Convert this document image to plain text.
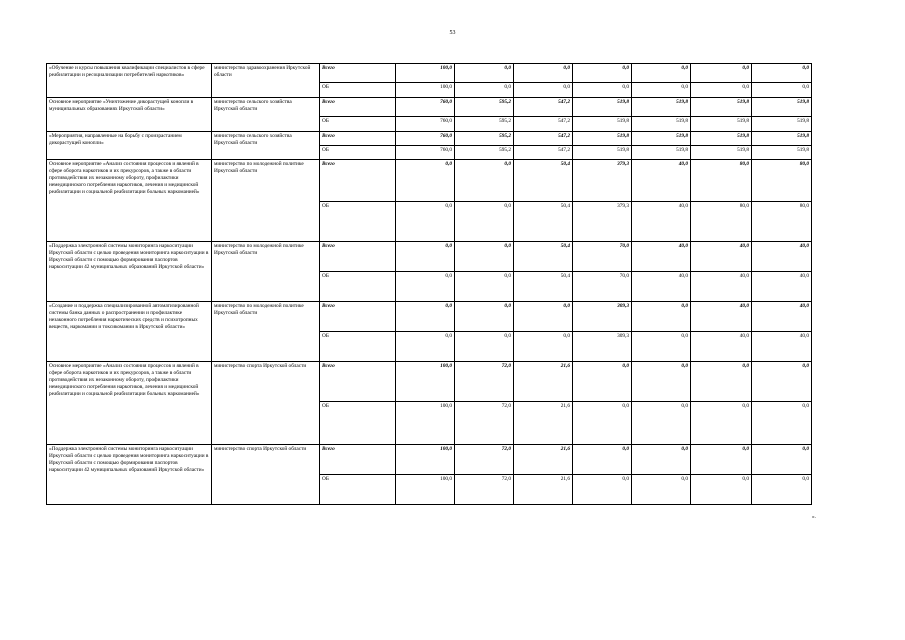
53
«Обучение и курсы повышения квалификации специалистов в сфере реабилитации и ресоциализации потребителей наркотиков»	министерство здравоохранения Иркутской области	Всего	100,0	0,0	0,0	0,0	0,0	0,0	0,0
		ОБ	100,0	0,0	0,0	0,0	0,0	0,0	0,0
Основное мероприятие «Уничтожение дикорастущей конопли в муниципальных образованиях Иркутской области»	министерство сельского хозяйства Иркутской области	Всего	760,0	595,2	547,2	519,8	519,8	519,8	519,8
		ОБ	760,0	595,2	547,2	519,8	519,8	519,8	519,8
«Мероприятия, направленные на борьбу с произрастанием дикорастущей конопли»	министерство сельского хозяйства Иркутской области	Всего	760,0	595,2	547,2	519,8	519,8	519,8	519,8
		ОБ	760,0	595,2	547,2	519,8	519,8	519,8	519,8
Основное мероприятие «Анализ состояния процессов и явлений в сфере оборота наркотиков и их прекурсоров, а также в области противодействия их незаконному обороту, профилактики немедицинского потребления наркотиков, лечения и медицинской реабилитации и социальной реабилитации больных наркоманией»	министерство по молодежной политике Иркутской области	Всего	0,0	0,0	50,4	379,3	40,0	80,0	80,0
		ОБ	0,0	0,0	50,4	379,3	40,0	80,0	80,0
«Поддержка электронной системы мониторинга наркоситуации Иркутской области с целью проведения мониторинга наркоситуации в Иркутской области с помощью формирования паспортов наркоситуации 42 муниципальных образований Иркутской области»	министерство по молодежной политике Иркутской области	Всего	0,0	0,0	50,4	70,0	40,0	40,0	40,0
		ОБ	0,0	0,0	50,4	70,0	40,0	40,0	40,0
«Создание и поддержка специализированной автоматизированной системы банка данных о распространении и профилактике незаконного потребления наркотических средств и психотропных веществ, наркомании и токсикомании в Иркутской области»	министерство по молодежной политике Иркутской области	Всего	0,0	0,0	0,0	309,3	0,0	40,0	40,0
		ОБ	0,0	0,0	0,0	309,3	0,0	40,0	40,0
Основное мероприятие «Анализ состояния процессов и явлений в сфере оборота наркотиков и их прекурсоров, а также в области противодействия их незаконному обороту, профилактики немедицинского потребления наркотиков, лечения и медицинской реабилитации и социальной реабилитации больных наркоманией»	министерство спорта Иркутской области	Всего	100,0	72,0	21,6	0,0	0,0	0,0	0,0
		ОБ	100,0	72,0	21,6	0,0	0,0	0,0	0,0
«Поддержка электронной системы мониторинга наркоситуации Иркутской области с целью проведения мониторинга наркоситуации в Иркутской области с помощью формирования паспортов наркоситуации 42 муниципальных образований Иркутской области»	министерство спорта Иркутской области	Всего	100,0	72,0	21,6	0,0	0,0	0,0	0,0
		ОБ	100,0	72,0	21,6	0,0	0,0	0,0	0,0
».
